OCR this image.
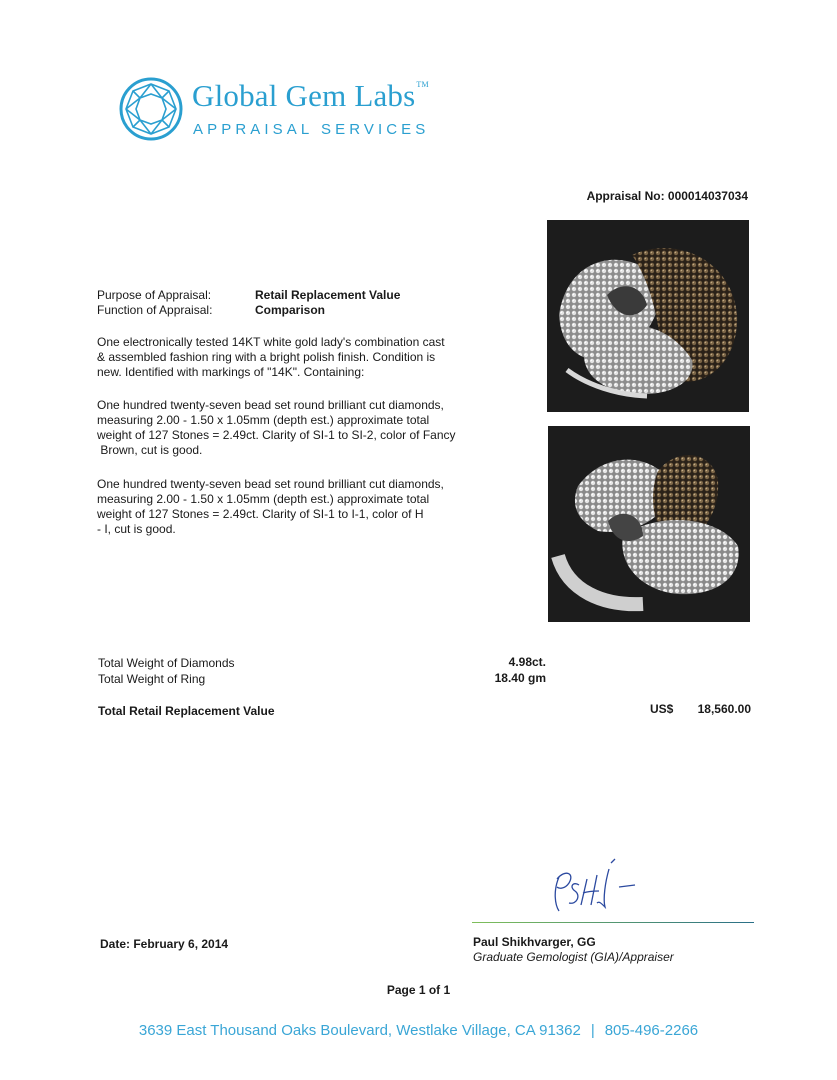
Global Gem Labs™
APPRAISAL SERVICES
Appraisal No: 000014037034
Purpose of Appraisal:	Retail Replacement Value
Function of Appraisal:	Comparison

One electronically tested 14KT white gold lady's combination cast

& assembled fashion ring with a bright polish finish. Condition is

new. Identified with markings of "14K". Containing:

One hundred twenty-seven bead set round brilliant cut diamonds,

measuring 2.00 - 1.50 x 1.05mm (depth est.) approximate total

weight of 127 Stones = 2.49ct. Clarity of SI-1 to SI-2, color of Fancy

Brown, cut is good.

One hundred twenty-seven bead set round brilliant cut diamonds,

measuring 2.00 - 1.50 x 1.05mm (depth est.) approximate total

weight of 127 Stones = 2.49ct. Clarity of SI-1 to I-1, color of H

- I, cut is good.

Total Weight of Diamonds	4.98ct.
Total Weight of Ring	18.40 gm
Total Retail Replacement Value	US$ 18,560.00
Date: February 6, 2014	Paul Shikhvarger, GG
Graduate Gemologist (GIA)/Appraiser
Page 1 of 1
3639 East Thousand Oaks Boulevard, Westlake Village, CA 91362 | 805-496-2266
